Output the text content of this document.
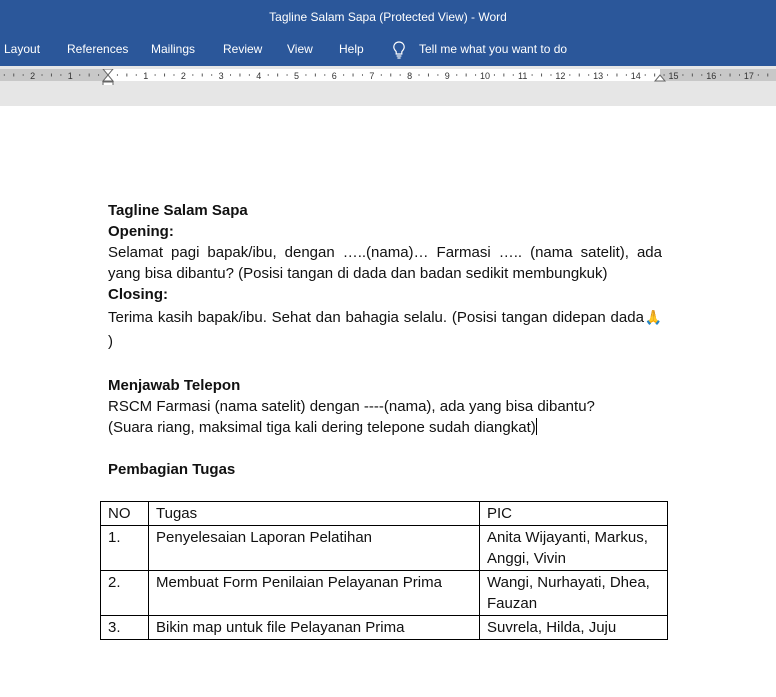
Tagline Salam Sapa (Protected View) - Word
Layout References Mailings Review View Help	Tell me what you want to do
2	1	1	2	3	4	5	6	7	8	9	10	11	12	13	14	15	16	17
Tagline Salam Sapa
Opening:
Selamat pagi bapak/ibu, dengan …..(nama)… Farmasi ….. (nama satelit), ada yang bisa dibantu? (Posisi tangan di dada dan badan sedikit membungkuk)
Closing:
Terima kasih bapak/ibu. Sehat dan bahagia selalu. (Posisi tangan didepan dada🙏 )
Menjawab Telepon
RSCM Farmasi (nama satelit) dengan ----(nama), ada yang bisa dibantu?
(Suara riang, maksimal tiga kali dering telepone sudah diangkat)
Pembagian Tugas
NO	Tugas	PIC
1.	Penyelesaian Laporan Pelatihan	Anita Wijayanti, Markus, Anggi, Vivin
2.	Membuat Form Penilaian Pelayanan Prima	Wangi, Nurhayati, Dhea, Fauzan
3.	Bikin map untuk file Pelayanan Prima	Suvrela, Hilda, Juju
